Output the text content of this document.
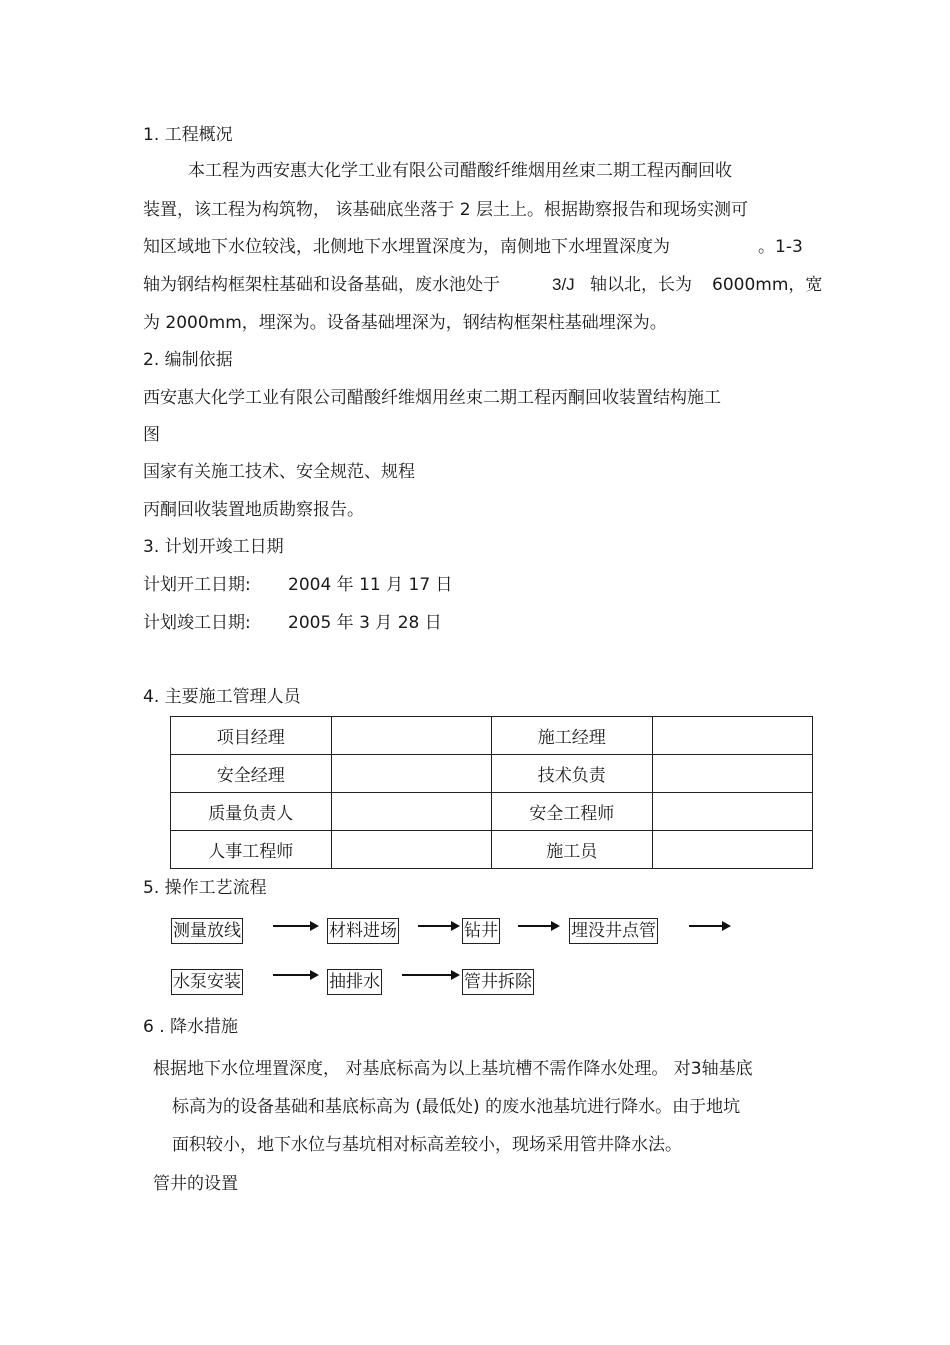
1. 工程概况
本工程为西安惠大化学工业有限公司醋酸纤维烟用丝束二期工程丙酮回收
装置，该工程为构筑物， 该基础底坐落于 2 层土上。根据勘察报告和现场实测可
知区域地下水位较浅，北侧地下水埋置深度为，南侧地下水埋置深度为	。1-3
轴为钢结构框架柱基础和设备基础，废水池处于	3/J 轴以北，长为 6000mm，宽
为 2000mm，埋深为。设备基础埋深为，钢结构框架柱基础埋深为。
2. 编制依据
西安惠大化学工业有限公司醋酸纤维烟用丝束二期工程丙酮回收装置结构施工
图
国家有关施工技术、安全规范、规程
丙酮回收装置地质勘察报告。
3. 计划开竣工日期
计划开工日期: 2004 年 11 月 17 日
计划竣工日期: 2005 年 3 月 28 日
4. 主要施工管理人员
项目经理		施工经理	
安全经理		技术负责	
质量负责人		安全工程师	
人事工程师		施工员	
5. 操作工艺流程
测量放线	材料进场	钻井	埋没井点管
水泵安装	抽排水	管井拆除
6 . 降水措施
根据地下水位埋置深度， 对基底标高为以上基坑槽不需作降水处理。 对3轴基底
标高为的设备基础和基底标高为 (最低处) 的废水池基坑进行降水。由于地坑
面积较小，地下水位与基坑相对标高差较小，现场采用管井降水法。
管井的设置
